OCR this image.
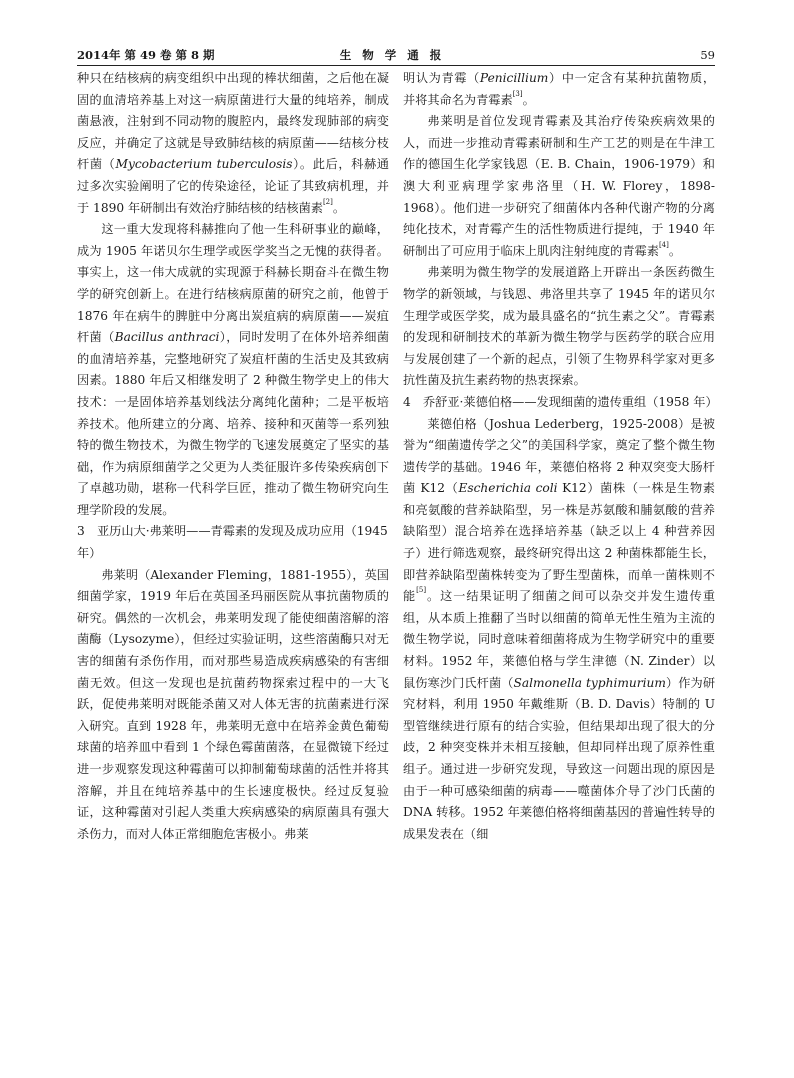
2014年 第 49 卷 第 8 期	生物学通报	59

种只在结核病的病变组织中出现的棒状细菌，之后他在凝固的血清培养基上对这一病原菌进行大量的纯培养，制成菌悬液，注射到不同动物的腹腔内，最终发现肺部的病变反应，并确定了这就是导致肺结核的病原菌——结核分枝杆菌（Mycobacterium tuberculosis）。此后，科赫通过多次实验阐明了它的传染途径，论证了其致病机理，并于 1890 年研制出有效治疗肺结核的结核菌素[2]。

这一重大发现将科赫推向了他一生科研事业的巅峰，成为 1905 年诺贝尔生理学或医学奖当之无愧的获得者。事实上，这一伟大成就的实现源于科赫长期奋斗在微生物学的研究创新上。在进行结核病原菌的研究之前，他曾于 1876 年在病牛的脾脏中分离出炭疽病的病原菌——炭疽杆菌（Bacillus anthraci），同时发明了在体外培养细菌的血清培养基，完整地研究了炭疽杆菌的生活史及其致病因素。1880 年后又相继发明了 2 种微生物学史上的伟大技术：一是固体培养基划线法分离纯化菌种；二是平板培养技术。他所建立的分离、培养、接种和灭菌等一系列独特的微生物技术，为微生物学的飞速发展奠定了坚实的基础，作为病原细菌学之父更为人类征服许多传染疾病创下了卓越功勋，堪称一代科学巨匠，推动了微生物研究向生理学阶段的发展。

3　亚历山大·弗莱明——青霉素的发现及成功应用（1945 年）

弗莱明（Alexander Fleming，1881-1955），英国细菌学家，1919 年后在英国圣玛丽医院从事抗菌物质的研究。偶然的一次机会，弗莱明发现了能使细菌溶解的溶菌酶（Lysozyme），但经过实验证明，这些溶菌酶只对无害的细菌有杀伤作用，而对那些易造成疾病感染的有害细菌无效。但这一发现也是抗菌药物探索过程中的一大飞跃，促使弗莱明对既能杀菌又对人体无害的抗菌素进行深入研究。直到 1928 年，弗莱明无意中在培养金黄色葡萄球菌的培养皿中看到 1 个绿色霉菌菌落，在显微镜下经过进一步观察发现这种霉菌可以抑制葡萄球菌的活性并将其溶解，并且在纯培养基中的生长速度极快。经过反复验证，这种霉菌对引起人类重大疾病感染的病原菌具有强大杀伤力，而对人体正常细胞危害极小。弗莱

明认为青霉（Penicillium）中一定含有某种抗菌物质，并将其命名为青霉素[3]。

弗莱明是首位发现青霉素及其治疗传染疾病效果的人，而进一步推动青霉素研制和生产工艺的则是在牛津工作的德国生化学家钱恩（E. B. Chain，1906-1979）和澳大利亚病理学家弗洛里（H. W. Florey，1898-1968）。他们进一步研究了细菌体内各种代谢产物的分离纯化技术，对青霉产生的活性物质进行提纯，于 1940 年研制出了可应用于临床上肌肉注射纯度的青霉素[4]。

弗莱明为微生物学的发展道路上开辟出一条医药微生物学的新领域，与钱恩、弗洛里共享了 1945 年的诺贝尔生理学或医学奖，成为最具盛名的“抗生素之父”。青霉素的发现和研制技术的革新为微生物学与医药学的联合应用与发展创建了一个新的起点，引领了生物界科学家对更多抗性菌及抗生素药物的热衷探索。

4　乔舒亚·莱德伯格——发现细菌的遗传重组（1958 年）

莱德伯格（Joshua Lederberg，1925-2008）是被誉为“细菌遗传学之父”的美国科学家，奠定了整个微生物遗传学的基础。1946 年，莱德伯格将 2 种双突变大肠杆菌 K12（Escherichia coli K12）菌株（一株是生物素和亮氨酸的营养缺陷型，另一株是苏氨酸和脯氨酸的营养缺陷型）混合培养在选择培养基（缺乏以上 4 种营养因子）进行筛选观察，最终研究得出这 2 种菌株都能生长，即营养缺陷型菌株转变为了野生型菌株，而单一菌株则不能[5]。这一结果证明了细菌之间可以杂交并发生遗传重组，从本质上推翻了当时以细菌的简单无性生殖为主流的微生物学说，同时意味着细菌将成为生物学研究中的重要材料。1952 年，莱德伯格与学生津德（N. Zinder）以鼠伤寒沙门氏杆菌（Salmonella typhimurium）作为研究材料，利用 1950 年戴维斯（B. D. Davis）特制的 U 型管继续进行原有的结合实验，但结果却出现了很大的分歧，2 种突变株并未相互接触，但却同样出现了原养性重组子。通过进一步研究发现，导致这一问题出现的原因是由于一种可感染细菌的病毒——噬菌体介导了沙门氏菌的 DNA 转移。1952 年莱德伯格将细菌基因的普遍性转导的成果发表在（细
